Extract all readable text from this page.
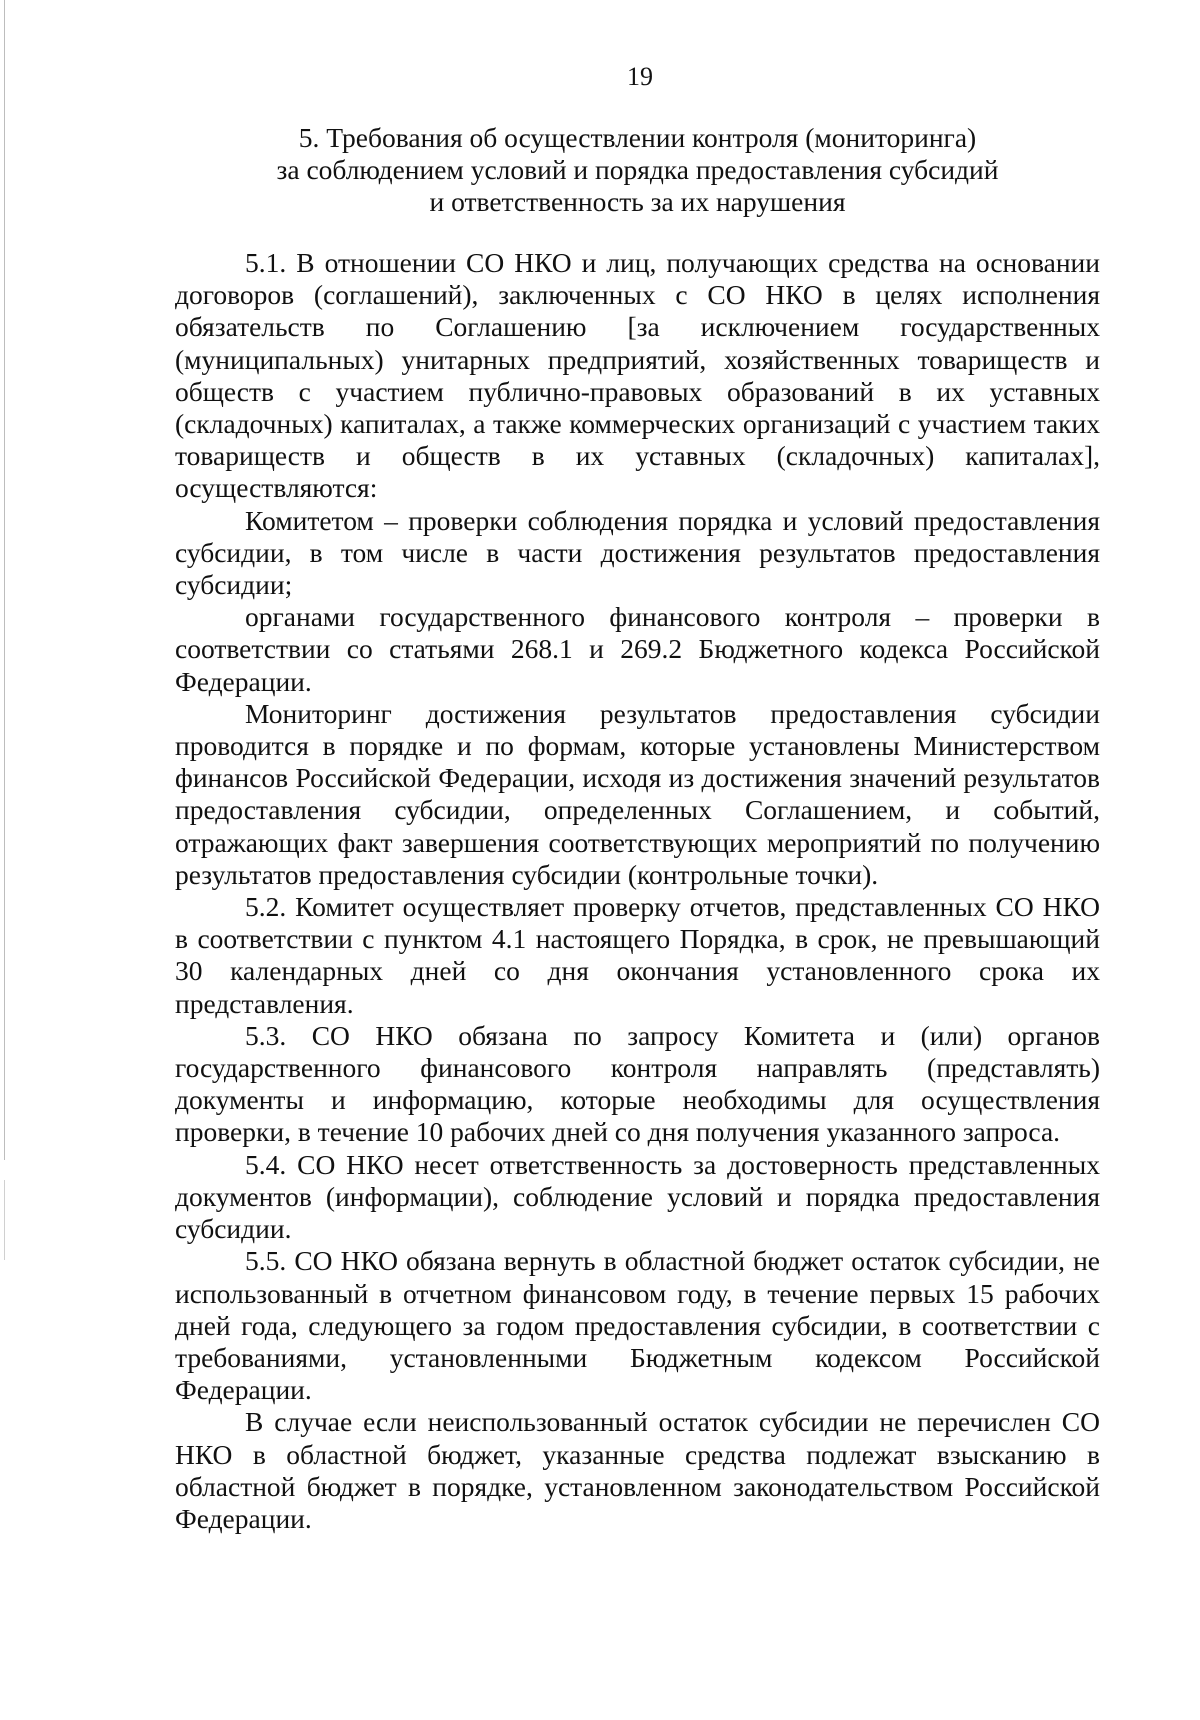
19
5. Требования об осуществлении контроля (мониторинга)
за соблюдением условий и порядка предоставления субсидий
и ответственность за их нарушения

5.1. В отношении СО НКО и лиц, получающих средства на основании договоров (соглашений), заключенных с СО НКО в целях исполнения обязательств по Соглашению [за исключением государственных (муниципальных) унитарных предприятий, хозяйственных товариществ и обществ с участием публично-правовых образований в их уставных (складочных) капиталах, а также коммерческих организаций с участием таких товариществ и обществ в их уставных (складочных) капиталах], осуществляются:

Комитетом – проверки соблюдения порядка и условий предоставления субсидии, в том числе в части достижения результатов предоставления субсидии;

органами государственного финансового контроля – проверки в соответствии со статьями 268.1 и 269.2 Бюджетного кодекса Российской Федерации.

Мониторинг достижения результатов предоставления субсидии проводится в порядке и по формам, которые установлены Министерством финансов Российской Федерации, исходя из достижения значений результатов предоставления субсидии, определенных Соглашением, и событий, отражающих факт завершения соответствующих мероприятий по получению результатов предоставления субсидии (контрольные точки).

5.2. Комитет осуществляет проверку отчетов, представленных СО НКО в соответствии с пунктом 4.1 настоящего Порядка, в срок, не превышающий 30 календарных дней со дня окончания установленного срока их представления.

5.3. СО НКО обязана по запросу Комитета и (или) органов государственного финансового контроля направлять (представлять) документы и информацию, которые необходимы для осуществления проверки, в течение 10 рабочих дней со дня получения указанного запроса.

5.4. СО НКО несет ответственность за достоверность представленных документов (информации), соблюдение условий и порядка предоставления субсидии.

5.5. СО НКО обязана вернуть в областной бюджет остаток субсидии, не использованный в отчетном финансовом году, в течение первых 15 рабочих дней года, следующего за годом предоставления субсидии, в соответствии с требованиями, установленными Бюджетным кодексом Российской Федерации.

В случае если неиспользованный остаток субсидии не перечислен СО НКО в областной бюджет, указанные средства подлежат взысканию в областной бюджет в порядке, установленном законодательством Российской Федерации.
